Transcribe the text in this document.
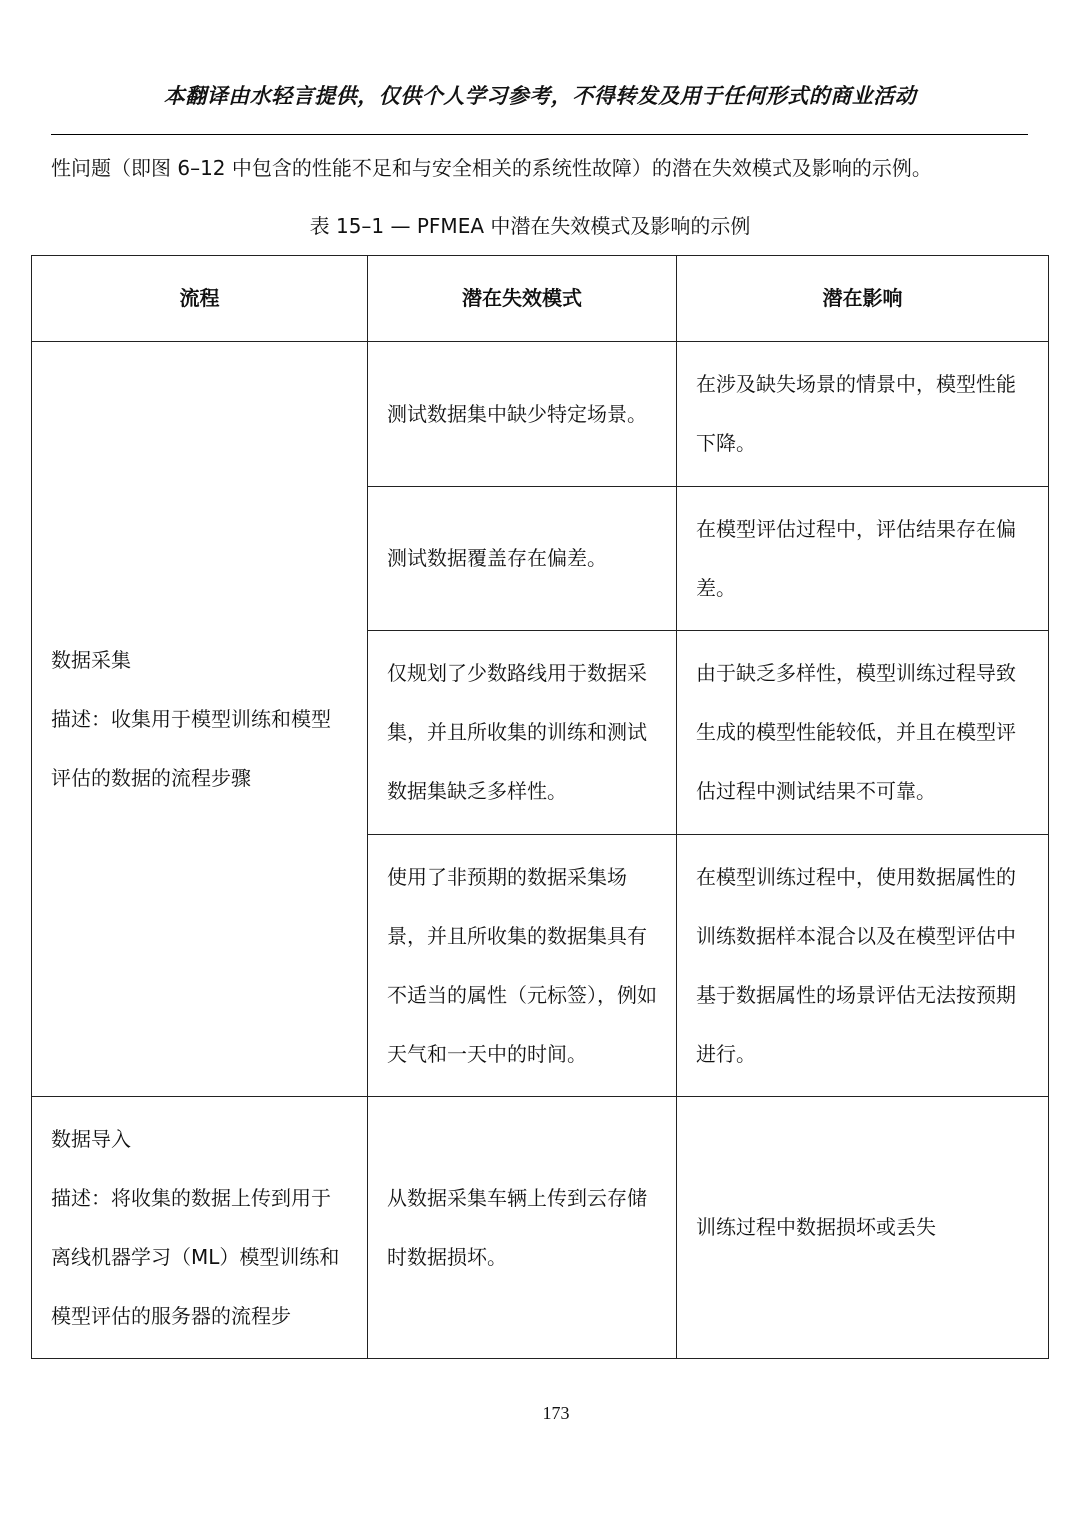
本翻译由水轻言提供，仅供个人学习参考，不得转发及用于任何形式的商业活动
性问题（即图 6–12 中包含的性能不足和与安全相关的系统性故障）的潜在失效模式及影响的示例。
表 15–1 — PFMEA 中潜在失效模式及影响的示例
流程	潜在失效模式	潜在影响

数据采集
描述：收集用于模型训练和模型评估的数据的流程步骤	测试数据集中缺少特定场景。	在涉及缺失场景的情景中，模型性能下降。
	测试数据覆盖存在偏差。	在模型评估过程中，评估结果存在偏差。
	仅规划了少数路线用于数据采集，并且所收集的训练和测试数据集缺乏多样性。	由于缺乏多样性，模型训练过程导致生成的模型性能较低，并且在模型评估过程中测试结果不可靠。
	使用了非预期的数据采集场景，并且所收集的数据集具有不适当的属性（元标签），例如天气和一天中的时间。	在模型训练过程中，使用数据属性的训练数据样本混合以及在模型评估中基于数据属性的场景评估无法按预期进行。

数据导入
描述：将收集的数据上传到用于离线机器学习（ML）模型训练和模型评估的服务器的流程步	从数据采集车辆上传到云存储时数据损坏。	训练过程中数据损坏或丢失
173
